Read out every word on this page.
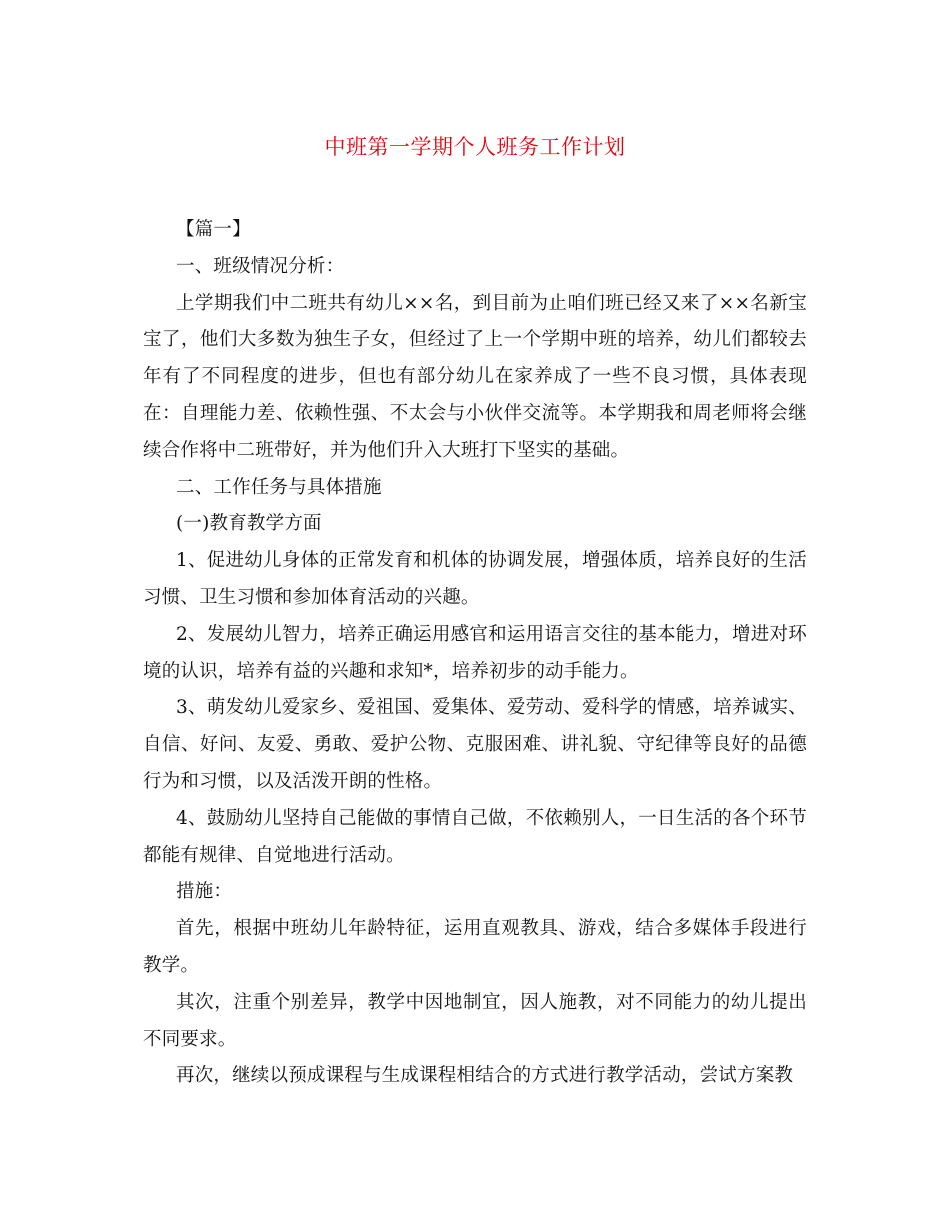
中班第一学期个人班务工作计划

【篇一】

一、班级情况分析：

上学期我们中二班共有幼儿××名，到目前为止咱们班已经又来了××名新宝宝了，他们大多数为独生子女，但经过了上一个学期中班的培养，幼儿们都较去年有了不同程度的进步，但也有部分幼儿在家养成了一些不良习惯，具体表现在：自理能力差、依赖性强、不太会与小伙伴交流等。本学期我和周老师将会继续合作将中二班带好，并为他们升入大班打下坚实的基础。

二、工作任务与具体措施

(一)教育教学方面

1、促进幼儿身体的正常发育和机体的协调发展，增强体质，培养良好的生活习惯、卫生习惯和参加体育活动的兴趣。

2、发展幼儿智力，培养正确运用感官和运用语言交往的基本能力，增进对环境的认识，培养有益的兴趣和求知*，培养初步的动手能力。

3、萌发幼儿爱家乡、爱祖国、爱集体、爱劳动、爱科学的情感，培养诚实、自信、好问、友爱、勇敢、爱护公物、克服困难、讲礼貌、守纪律等良好的品德行为和习惯，以及活泼开朗的性格。

4、鼓励幼儿坚持自己能做的事情自己做，不依赖别人，一日生活的各个环节都能有规律、自觉地进行活动。

措施：

首先，根据中班幼儿年龄特征，运用直观教具、游戏，结合多媒体手段进行教学。

其次，注重个别差异，教学中因地制宜，因人施教，对不同能力的幼儿提出不同要求。

再次，继续以预成课程与生成课程相结合的方式进行教学活动，尝试方案教
